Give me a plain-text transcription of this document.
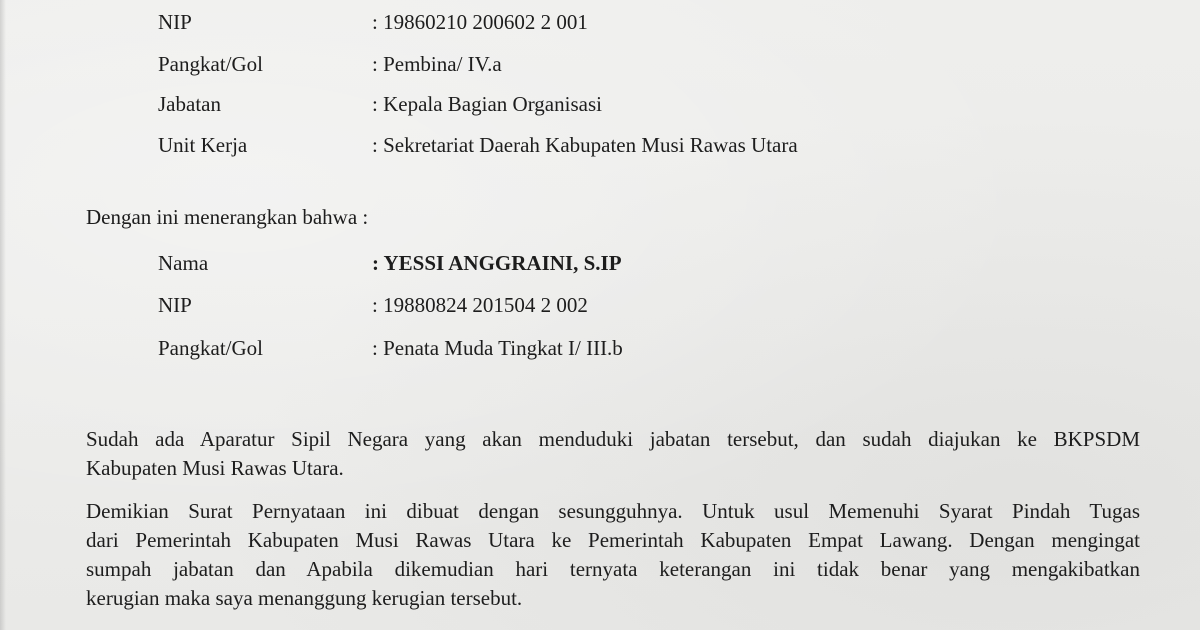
NIP	: 19860210 200602 2 001
Pangkat/Gol	: Pembina/ IV.a
Jabatan	: Kepala Bagian Organisasi
Unit Kerja	: Sekretariat Daerah Kabupaten Musi Rawas Utara
Dengan ini menerangkan bahwa :
Nama	: YESSI ANGGRAINI, S.IP
NIP	: 19880824 201504 2 002
Pangkat/Gol	: Penata Muda Tingkat I/ III.b
Sudah ada Aparatur Sipil Negara yang akan menduduki jabatan tersebut, dan sudah diajukan ke BKPSDM
Kabupaten Musi Rawas Utara.
Demikian Surat Pernyataan ini dibuat dengan sesungguhnya. Untuk usul Memenuhi Syarat Pindah Tugas
dari Pemerintah Kabupaten Musi Rawas Utara ke Pemerintah Kabupaten Empat Lawang. Dengan mengingat
sumpah jabatan dan Apabila dikemudian hari ternyata keterangan ini tidak benar yang mengakibatkan
kerugian maka saya menanggung kerugian tersebut.
